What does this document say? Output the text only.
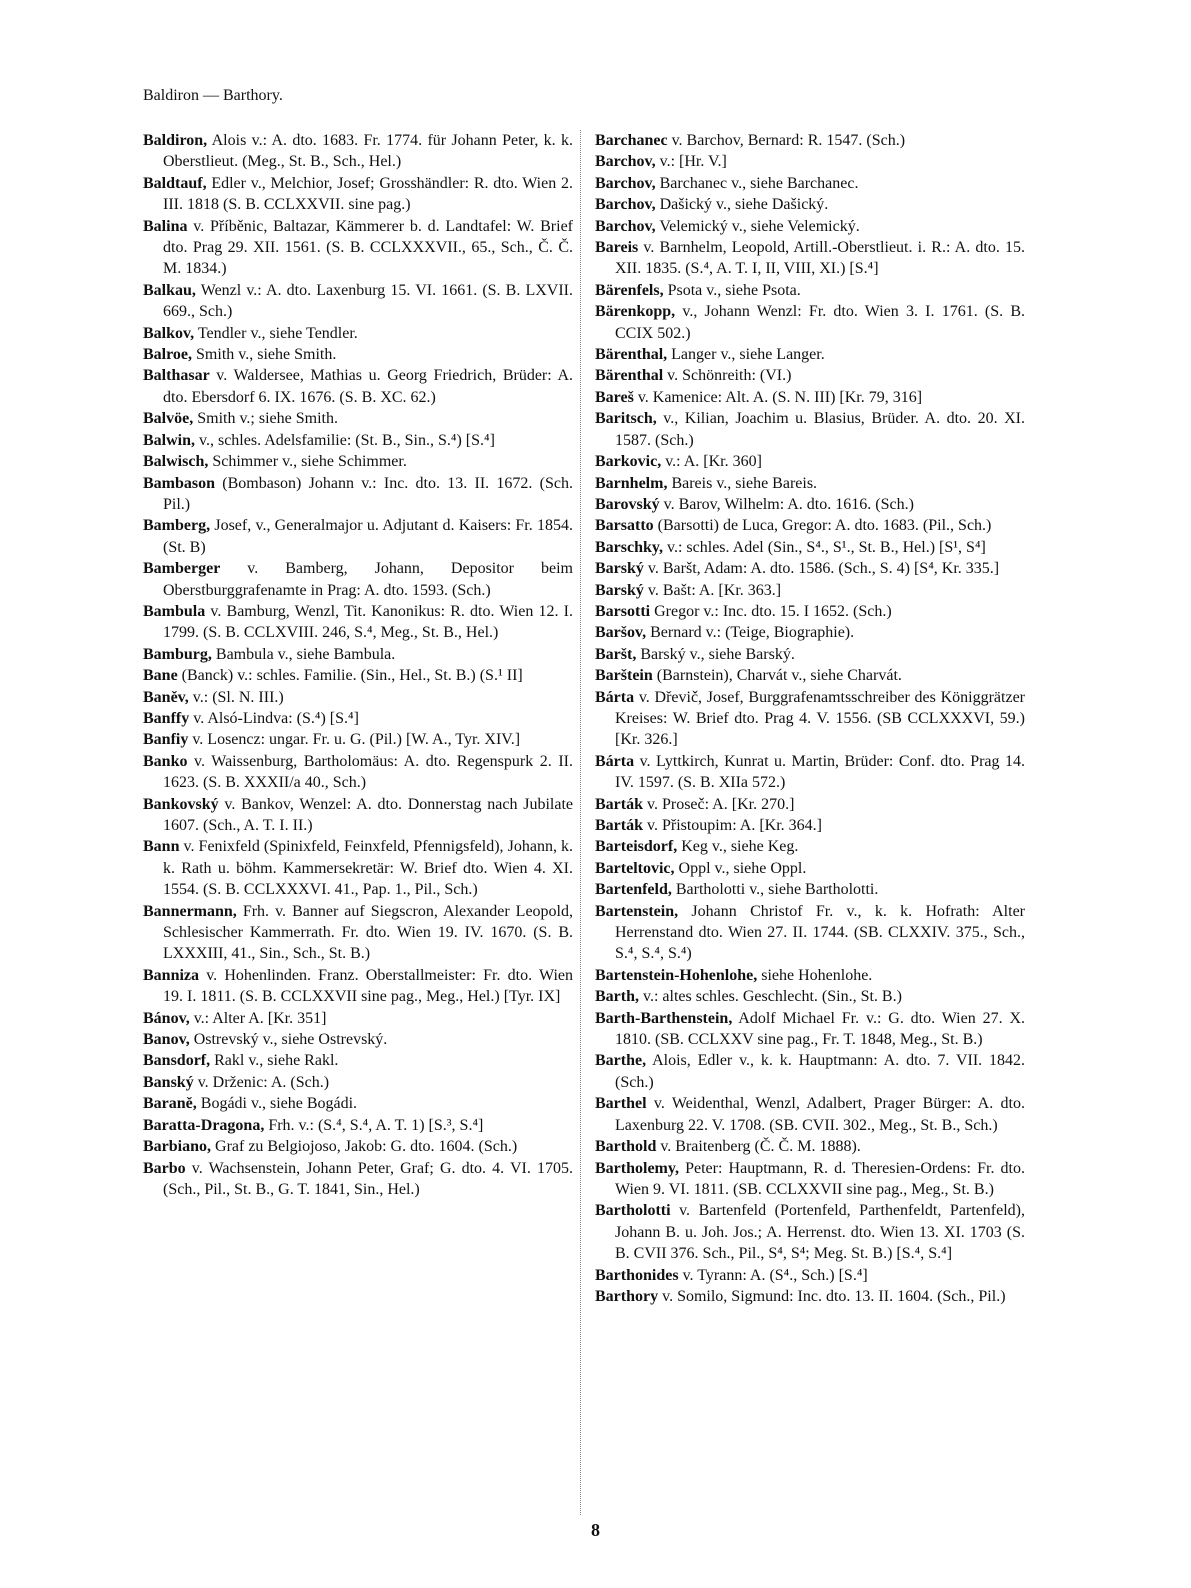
Baldiron — Barthory.

Baldiron, Alois v.: A. dto. 1683. Fr. 1774. für Johann Peter, k. k. Oberstlieut. (Meg., St. B., Sch., Hel.)

Baldtauf, Edler v., Melchior, Josef; Grosshändler: R. dto. Wien 2. III. 1818 (S. B. CCLXXVII. sine pag.)

Balina v. Příběnic, Baltazar, Kämmerer b. d. Landtafel: W. Brief dto. Prag 29. XII. 1561. (S. B. CCLXXXVII., 65., Sch., Č. Č. M. 1834.)

Balkau, Wenzl v.: A. dto. Laxenburg 15. VI. 1661. (S. B. LXVII. 669., Sch.)

Balkov, Tendler v., siehe Tendler.

Balroe, Smith v., siehe Smith.

Balthasar v. Waldersee, Mathias u. Georg Friedrich, Brüder: A. dto. Ebersdorf 6. IX. 1676. (S. B. XC. 62.)

Balvöe, Smith v.; siehe Smith.

Balwin, v., schles. Adelsfamilie: (St. B., Sin., S.⁴) [S.⁴]

Balwisch, Schimmer v., siehe Schimmer.

Bambason (Bombason) Johann v.: Inc. dto. 13. II. 1672. (Sch. Pil.)

Bamberg, Josef, v., Generalmajor u. Adjutant d. Kaisers: Fr. 1854. (St. B)

Bamberger v. Bamberg, Johann, Depositor beim Oberstburggrafenamte in Prag: A. dto. 1593. (Sch.)

Bambula v. Bamburg, Wenzl, Tit. Kanonikus: R. dto. Wien 12. I. 1799. (S. B. CCLXVIII. 246, S.⁴, Meg., St. B., Hel.)

Bamburg, Bambula v., siehe Bambula.

Bane (Banck) v.: schles. Familie. (Sin., Hel., St. B.) (S.¹ II]

Baněv, v.: (Sl. N. III.)

Banffy v. Alsó-Lindva: (S.⁴) [S.⁴]

Banfiy v. Losencz: ungar. Fr. u. G. (Pil.) [W. A., Tyr. XIV.]

Banko v. Waissenburg, Bartholomäus: A. dto. Regenspurk 2. II. 1623. (S. B. XXXII/a 40., Sch.)

Bankovský v. Bankov, Wenzel: A. dto. Donnerstag nach Jubilate 1607. (Sch., A. T. I. II.)

Bann v. Fenixfeld (Spinixfeld, Feinxfeld, Pfennigsfeld), Johann, k. k. Rath u. böhm. Kammersekretär: W. Brief dto. Wien 4. XI. 1554. (S. B. CCLXXXVI. 41., Pap. 1., Pil., Sch.)

Bannermann, Frh. v. Banner auf Siegscron, Alexander Leopold, Schlesischer Kammerrath. Fr. dto. Wien 19. IV. 1670. (S. B. LXXXIII, 41., Sin., Sch., St. B.)

Banniza v. Hohenlinden. Franz. Oberstallmeister: Fr. dto. Wien 19. I. 1811. (S. B. CCLXXVII sine pag., Meg., Hel.) [Tyr. IX]

Bánov, v.: Alter A. [Kr. 351]

Banov, Ostrevský v., siehe Ostrevský.

Bansdorf, Rakl v., siehe Rakl.

Banský v. Drženic: A. (Sch.)

Baraně, Bogádi v., siehe Bogádi.

Baratta-Dragona, Frh. v.: (S.⁴, S.⁴, A. T. 1) [S.³, S.⁴]

Barbiano, Graf zu Belgiojoso, Jakob: G. dto. 1604. (Sch.)

Barbo v. Wachsenstein, Johann Peter, Graf; G. dto. 4. VI. 1705. (Sch., Pil., St. B., G. T. 1841, Sin., Hel.)

Barchanec v. Barchov, Bernard: R. 1547. (Sch.)

Barchov, v.: [Hr. V.]

Barchov, Barchanec v., siehe Barchanec.

Barchov, Dašický v., siehe Dašický.

Barchov, Velemický v., siehe Velemický.

Bareis v. Barnhelm, Leopold, Artill.-Oberstlieut. i. R.: A. dto. 15. XII. 1835. (S.⁴, A. T. I, II, VIII, XI.) [S.⁴]

Bärenfels, Psota v., siehe Psota.

Bärenkopp, v., Johann Wenzl: Fr. dto. Wien 3. I. 1761. (S. B. CCIX 502.)

Bärenthal, Langer v., siehe Langer.

Bärenthal v. Schönreith: (VI.)

Bareš v. Kamenice: Alt. A. (S. N. III) [Kr. 79, 316]

Baritsch, v., Kilian, Joachim u. Blasius, Brüder. A. dto. 20. XI. 1587. (Sch.)

Barkovic, v.: A. [Kr. 360]

Barnhelm, Bareis v., siehe Bareis.

Barovský v. Barov, Wilhelm: A. dto. 1616. (Sch.)

Barsatto (Barsotti) de Luca, Gregor: A. dto. 1683. (Pil., Sch.)

Barschky, v.: schles. Adel (Sin., S⁴., S¹., St. B., Hel.) [S¹, S⁴]

Barský v. Baršt, Adam: A. dto. 1586. (Sch., S. 4) [S⁴, Kr. 335.]

Barský v. Bašt: A. [Kr. 363.]

Barsotti Gregor v.: Inc. dto. 15. I 1652. (Sch.)

Baršov, Bernard v.: (Teige, Biographie).

Baršt, Barský v., siehe Barský.

Barštein (Barnstein), Charvát v., siehe Charvát.

Bárta v. Dřevič, Josef, Burggrafenamtsschreiber des Königgrätzer Kreises: W. Brief dto. Prag 4. V. 1556. (SB CCLXXXVI, 59.) [Kr. 326.]

Bárta v. Lyttkirch, Kunrat u. Martin, Brüder: Conf. dto. Prag 14. IV. 1597. (S. B. XIIa 572.)

Barták v. Proseč: A. [Kr. 270.]

Barták v. Přistoupim: A. [Kr. 364.]

Barteisdorf, Keg v., siehe Keg.

Barteltovic, Oppl v., siehe Oppl.

Bartenfeld, Bartholotti v., siehe Bartholotti.

Bartenstein, Johann Christof Fr. v., k. k. Hofrath: Alter Herrenstand dto. Wien 27. II. 1744. (SB. CLXXIV. 375., Sch., S.⁴, S.⁴, S.⁴)

Bartenstein-Hohenlohe, siehe Hohenlohe.

Barth, v.: altes schles. Geschlecht. (Sin., St. B.)

Barth-Barthenstein, Adolf Michael Fr. v.: G. dto. Wien 27. X. 1810. (SB. CCLXXV sine pag., Fr. T. 1848, Meg., St. B.)

Barthe, Alois, Edler v., k. k. Hauptmann: A. dto. 7. VII. 1842. (Sch.)

Barthel v. Weidenthal, Wenzl, Adalbert, Prager Bürger: A. dto. Laxenburg 22. V. 1708. (SB. CVII. 302., Meg., St. B., Sch.)

Barthold v. Braitenberg (Č. Č. M. 1888).

Bartholemy, Peter: Hauptmann, R. d. Theresien-Ordens: Fr. dto. Wien 9. VI. 1811. (SB. CCLXXVII sine pag., Meg., St. B.)

Bartholotti v. Bartenfeld (Portenfeld, Parthenfeldt, Partenfeld), Johann B. u. Joh. Jos.; A. Herrenst. dto. Wien 13. XI. 1703 (S. B. CVII 376. Sch., Pil., S⁴, S⁴; Meg. St. B.) [S.⁴, S.⁴]

Barthonides v. Tyrann: A. (S⁴., Sch.) [S.⁴]

Barthory v. Somilo, Sigmund: Inc. dto. 13. II. 1604. (Sch., Pil.)

8
